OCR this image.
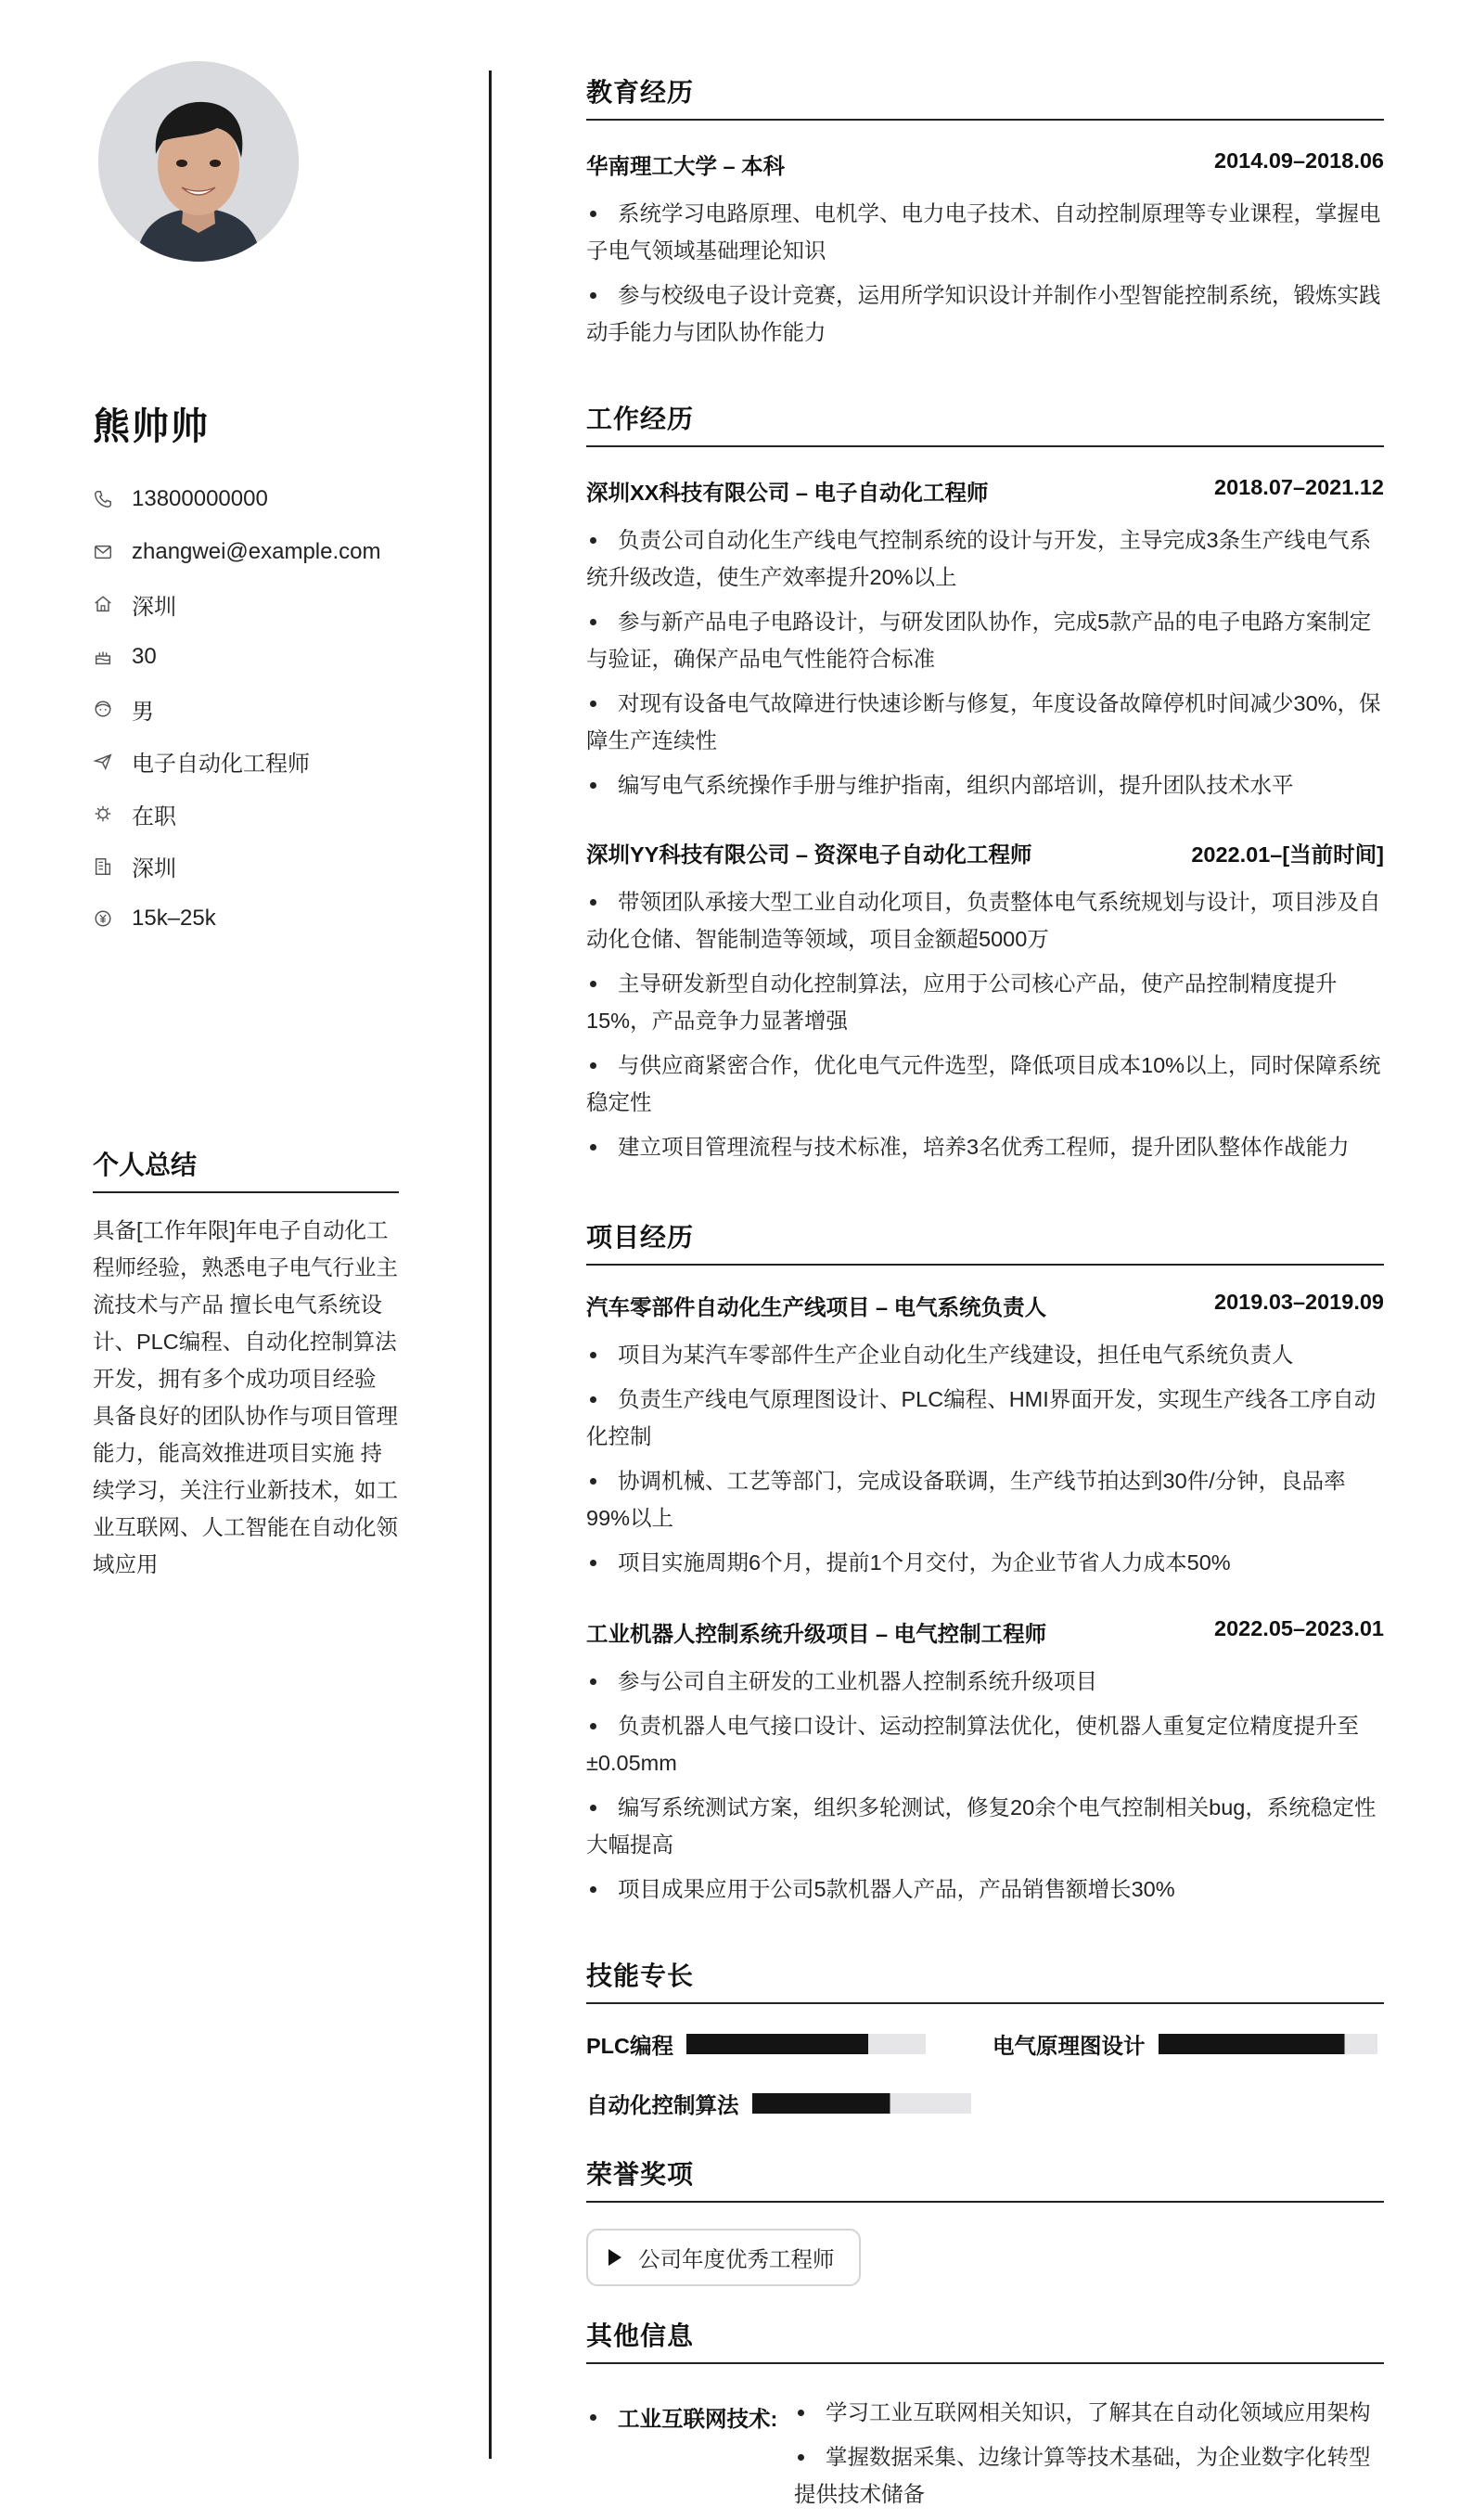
熊帅帅
13800000000
zhangwei@example.com
深圳
30
男
电子自动化工程师
在职
深圳
15k–25k
个人总结
具备[工作年限]年电子自动化工程师经验，熟悉电子电气行业主流技术与产品 擅长电气系统设计、PLC编程、自动化控制算法开发，拥有多个成功项目经验 具备良好的团队协作与项目管理能力，能高效推进项目实施 持续学习，关注行业新技术，如工业互联网、人工智能在自动化领域应用
教育经历
华南理工大学 – 本科	2014.09–2018.06
系统学习电路原理、电机学、电力电子技术、自动控制原理等专业课程，掌握电子电气领域基础理论知识
参与校级电子设计竞赛，运用所学知识设计并制作小型智能控制系统，锻炼实践动手能力与团队协作能力
工作经历
深圳XX科技有限公司 – 电子自动化工程师	2018.07–2021.12
负责公司自动化生产线电气控制系统的设计与开发，主导完成3条生产线电气系统升级改造，使生产效率提升20%以上
参与新产品电子电路设计，与研发团队协作，完成5款产品的电子电路方案制定与验证，确保产品电气性能符合标准
对现有设备电气故障进行快速诊断与修复，年度设备故障停机时间减少30%，保障生产连续性
编写电气系统操作手册与维护指南，组织内部培训，提升团队技术水平
深圳YY科技有限公司 – 资深电子自动化工程师	2022.01–[当前时间]
带领团队承接大型工业自动化项目，负责整体电气系统规划与设计，项目涉及自动化仓储、智能制造等领域，项目金额超5000万
主导研发新型自动化控制算法，应用于公司核心产品，使产品控制精度提升15%，产品竞争力显著增强
与供应商紧密合作，优化电气元件选型，降低项目成本10%以上，同时保障系统稳定性
建立项目管理流程与技术标准，培养3名优秀工程师，提升团队整体作战能力
项目经历
汽车零部件自动化生产线项目 – 电气系统负责人	2019.03–2019.09
项目为某汽车零部件生产企业自动化生产线建设，担任电气系统负责人
负责生产线电气原理图设计、PLC编程、HMI界面开发，实现生产线各工序自动化控制
协调机械、工艺等部门，完成设备联调，生产线节拍达到30件/分钟，良品率99%以上
项目实施周期6个月，提前1个月交付，为企业节省人力成本50%
工业机器人控制系统升级项目 – 电气控制工程师	2022.05–2023.01
参与公司自主研发的工业机器人控制系统升级项目
负责机器人电气接口设计、运动控制算法优化，使机器人重复定位精度提升至±0.05mm
编写系统测试方案，组织多轮测试，修复20余个电气控制相关bug，系统稳定性大幅提高
项目成果应用于公司5款机器人产品，产品销售额增长30%
技能专长
PLC编程	电气原理图设计
自动化控制算法
荣誉奖项
公司年度优秀工程师
其他信息
工业互联网技术:	学习工业互联网相关知识，了解其在自动化领域应用架构
掌握数据采集、边缘计算等技术基础，为企业数字化转型提供技术储备
